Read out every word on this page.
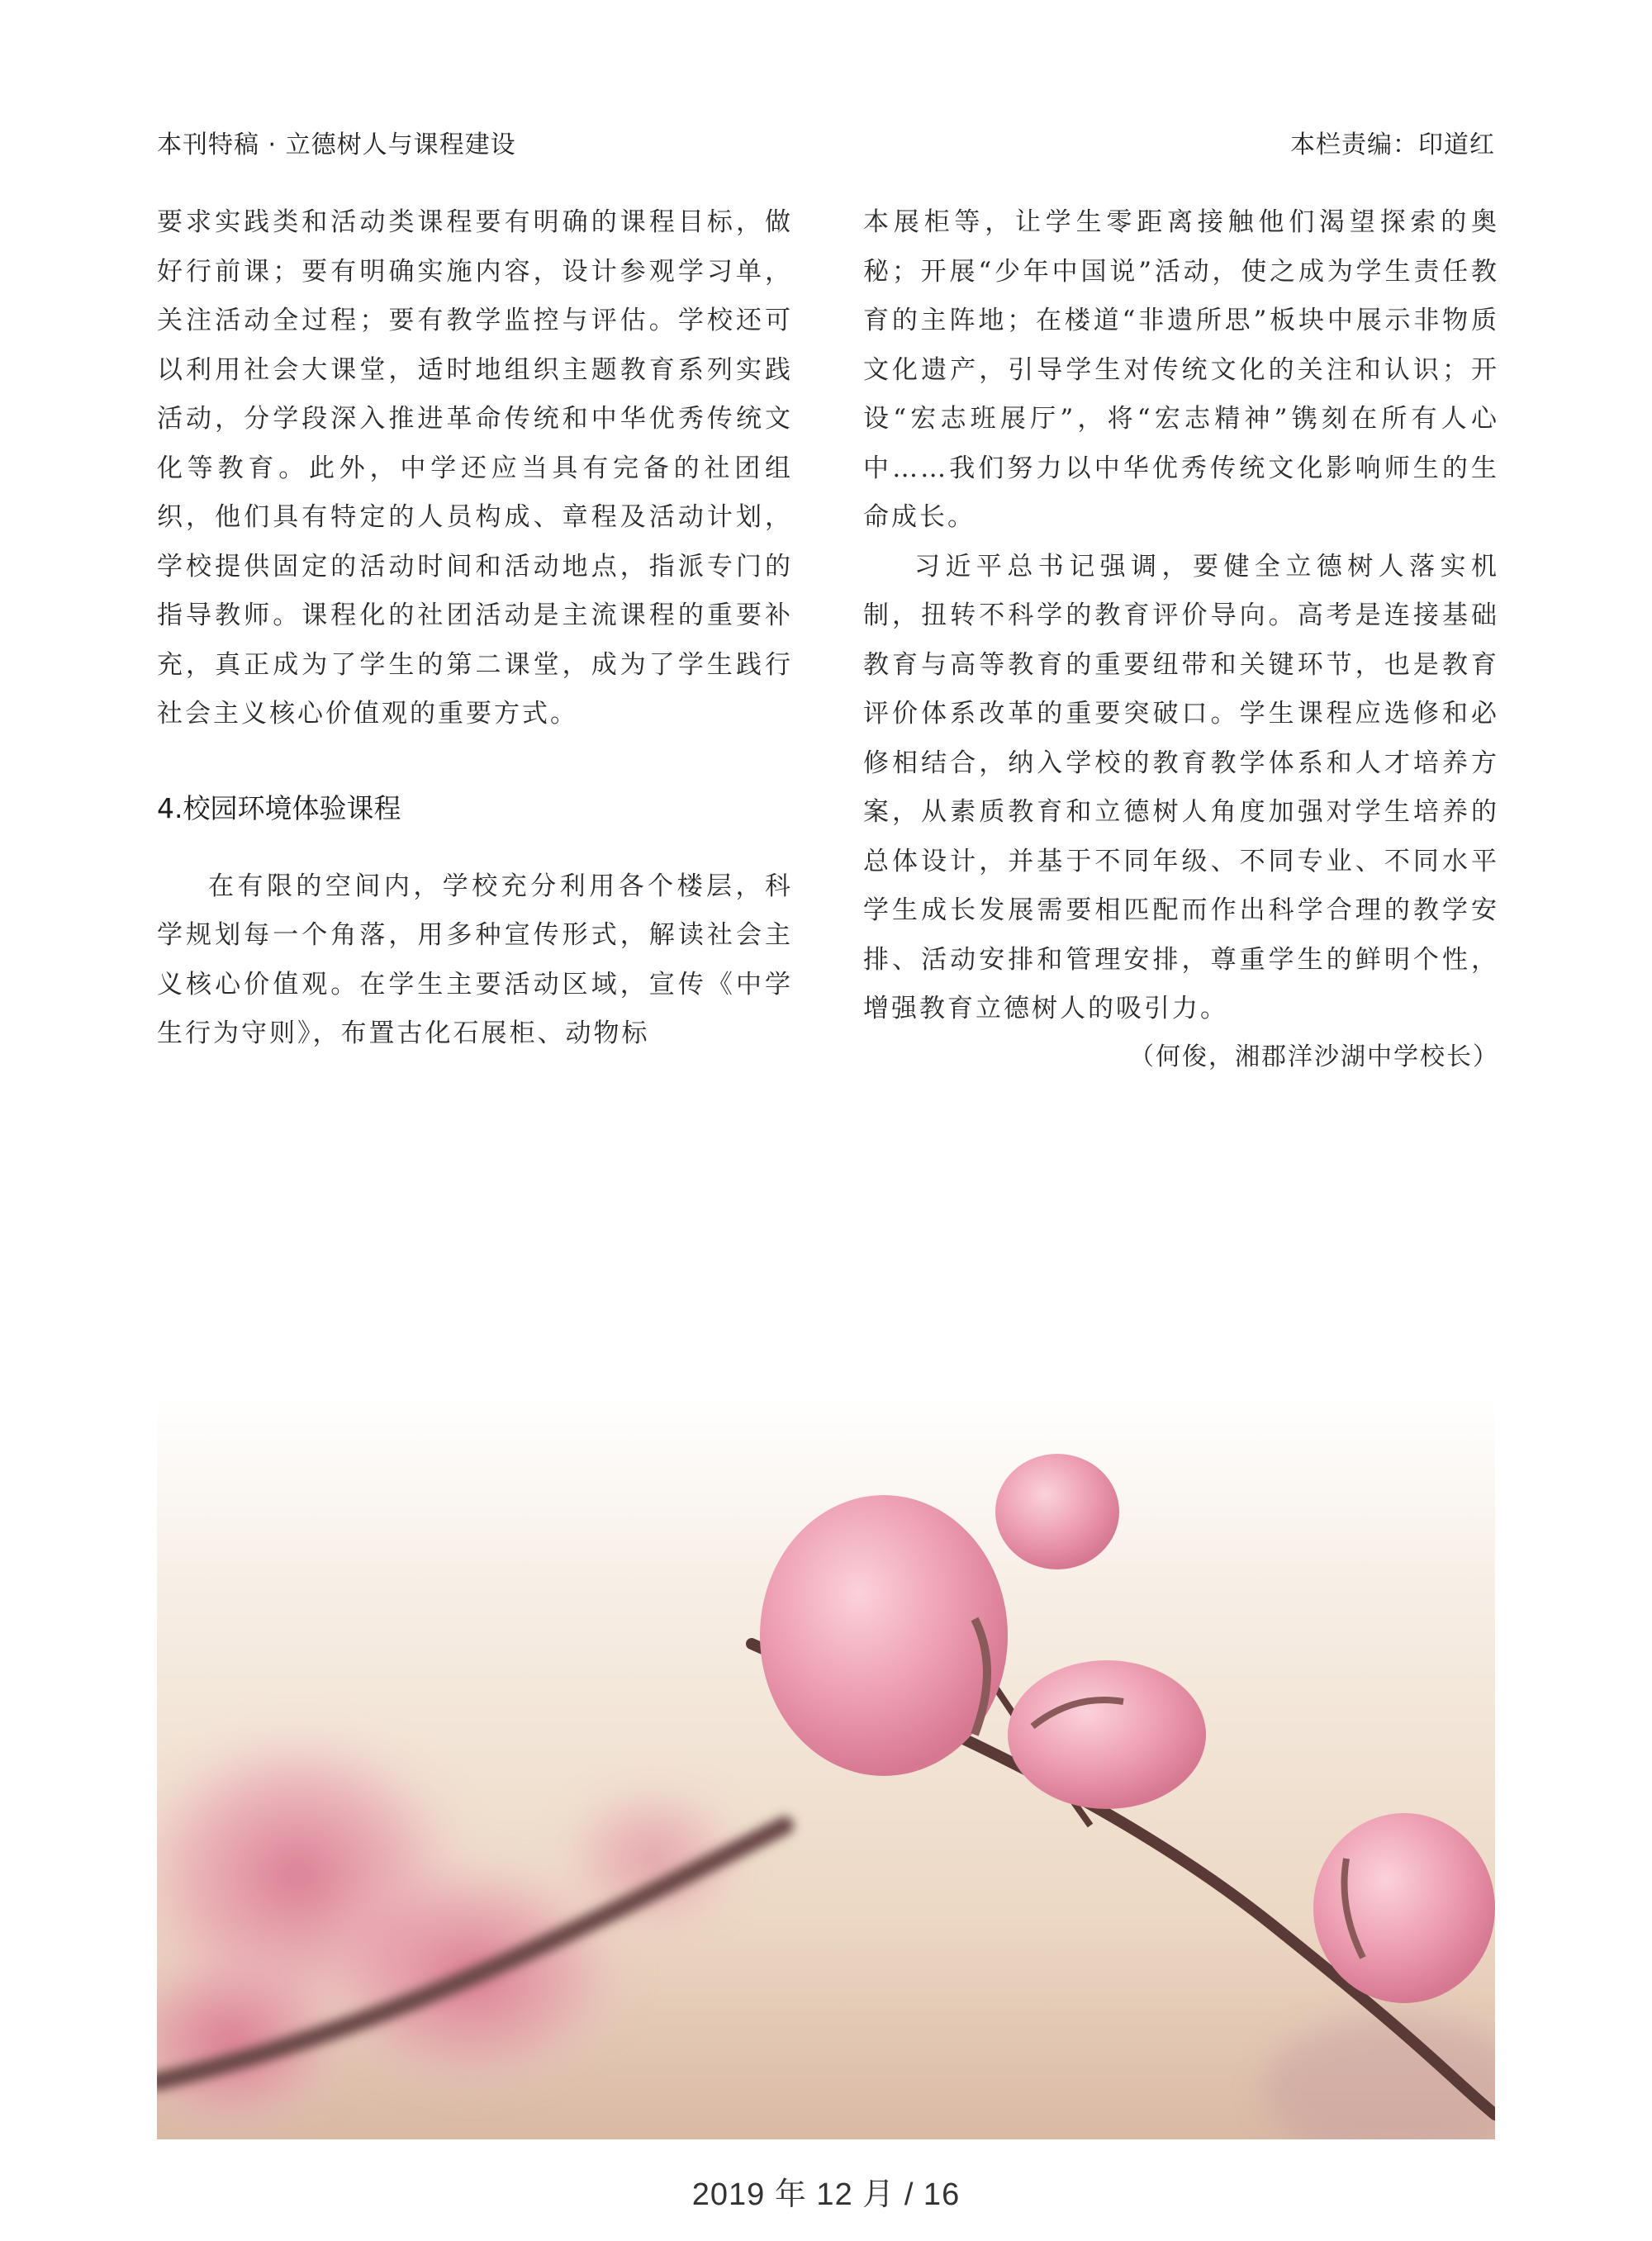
本刊特稿 · 立德树人与课程建设	本栏责编：印道红

要求实践类和活动类课程要有明确的课程目标，做好行前课；要有明确实施内容，设计参观学习单，关注活动全过程；要有教学监控与评估。学校还可以利用社会大课堂，适时地组织主题教育系列实践活动，分学段深入推进革命传统和中华优秀传统文化等教育。此外，中学还应当具有完备的社团组织，他们具有特定的人员构成、章程及活动计划，学校提供固定的活动时间和活动地点，指派专门的指导教师。课程化的社团活动是主流课程的重要补充，真正成为了学生的第二课堂，成为了学生践行社会主义核心价值观的重要方式。

4.校园环境体验课程

在有限的空间内，学校充分利用各个楼层，科学规划每一个角落，用多种宣传形式，解读社会主义核心价值观。在学生主要活动区域，宣传《中学生行为守则》，布置古化石展柜、动物标

本展柜等，让学生零距离接触他们渴望探索的奥秘；开展“少年中国说”活动，使之成为学生责任教育的主阵地；在楼道“非遗所思”板块中展示非物质文化遗产，引导学生对传统文化的关注和认识；开设“宏志班展厅”，将“宏志精神”镌刻在所有人心中……我们努力以中华优秀传统文化影响师生的生命成长。

习近平总书记强调，要健全立德树人落实机制，扭转不科学的教育评价导向。高考是连接基础教育与高等教育的重要纽带和关键环节，也是教育评价体系改革的重要突破口。学生课程应选修和必修相结合，纳入学校的教育教学体系和人才培养方案，从素质教育和立德树人角度加强对学生培养的总体设计，并基于不同年级、不同专业、不同水平学生成长发展需要相匹配而作出科学合理的教学安排、活动安排和管理安排，尊重学生的鲜明个性，增强教育立德树人的吸引力。

（何俊，湘郡洋沙湖中学校长）

2019 年 12 月 / 16
